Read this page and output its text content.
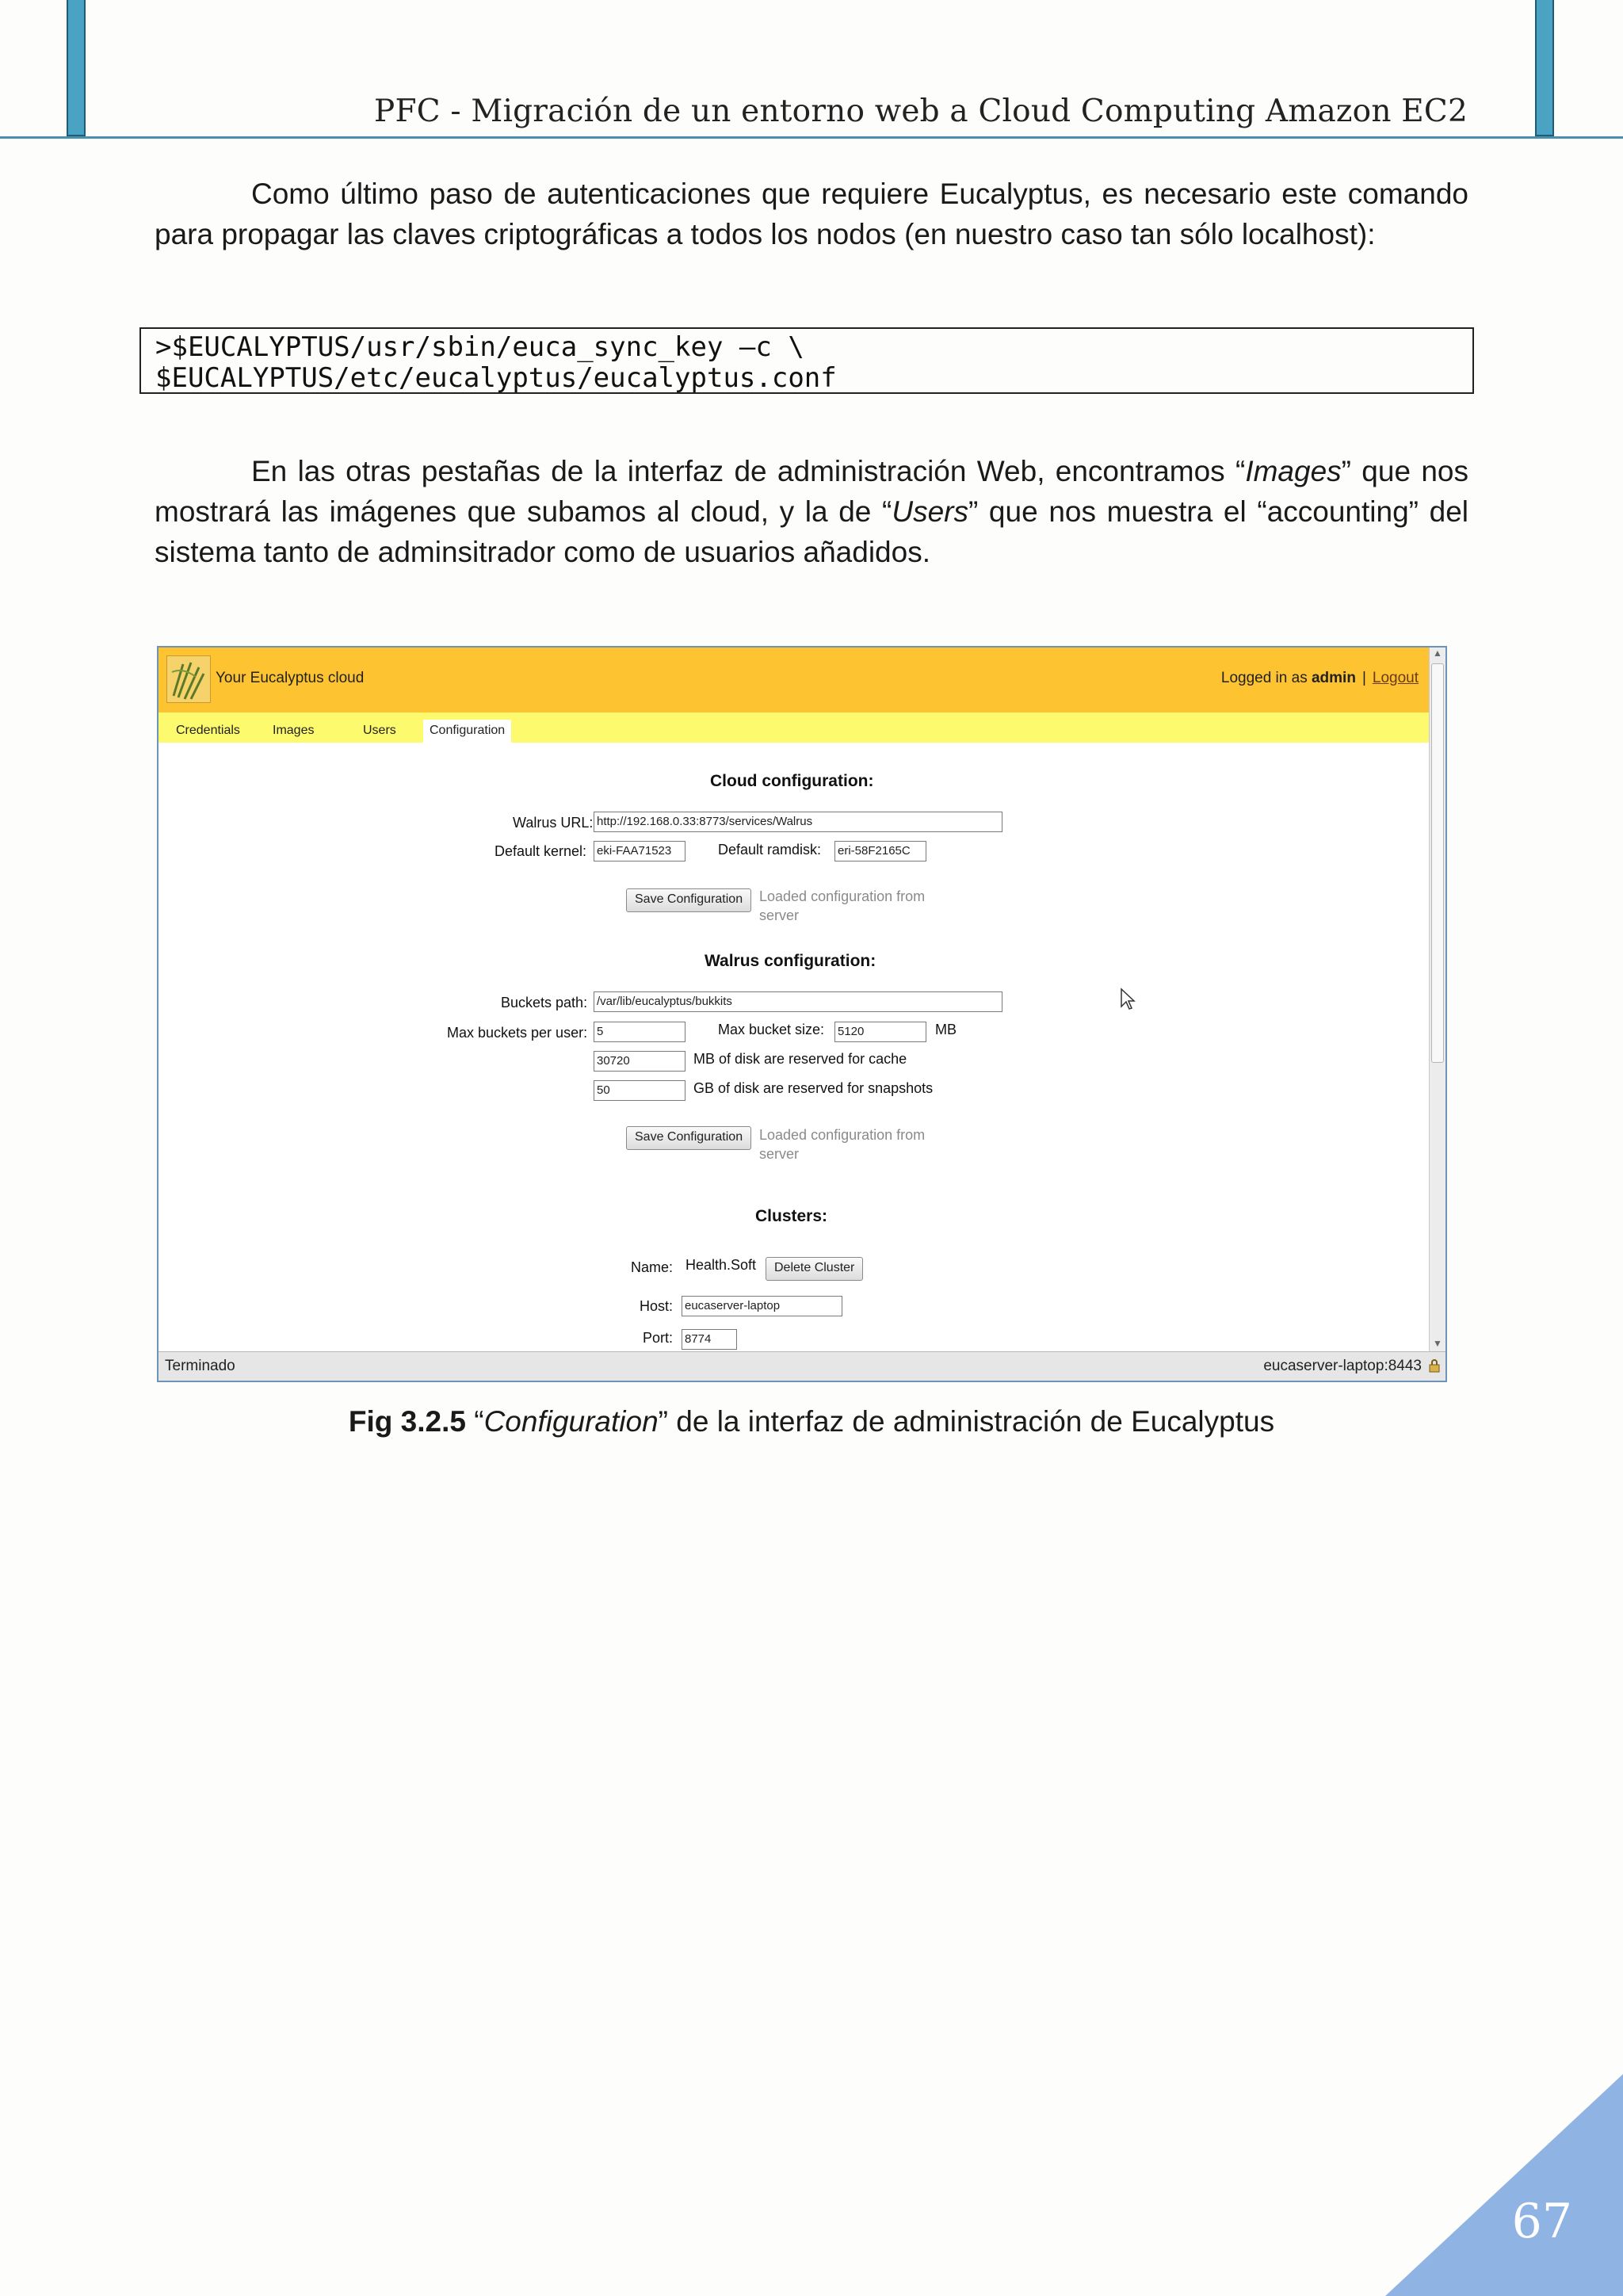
PFC - Migración de un entorno web a Cloud Computing Amazon EC2
Como último paso de autenticaciones que requiere Eucalyptus, es necesario este comando para propagar las claves criptográficas a todos los nodos (en nuestro caso tan sólo localhost):
>$EUCALYPTUS/usr/sbin/euca_sync_key –c \
$EUCALYPTUS/etc/eucalyptus/eucalyptus.conf
En las otras pestañas de la interfaz de administración Web, encontramos “Images” que nos mostrará las imágenes que subamos al cloud, y la de “Users” que nos muestra el “accounting” del sistema tanto de adminsitrador como de usuarios añadidos.
Your Eucalyptus cloud	Logged in as admin | Logout
Credentials	Images	Users	Configuration
Cloud configuration:
Walrus URL: http://192.168.0.33:8773/services/Walrus
Default kernel: eki-FAA71523	Default ramdisk: eri-58F2165C
Save Configuration	Loaded configuration from server
Walrus configuration:
Buckets path: /var/lib/eucalyptus/bukkits
Max buckets per user: 5	Max bucket size: 5120	MB
30720	MB of disk are reserved for cache
50	GB of disk are reserved for snapshots
Save Configuration	Loaded configuration from server
Clusters:
Name: Health.Soft	Delete Cluster
Host: eucaserver-laptop
Port: 8774
▲
▼
Terminado	eucaserver-laptop:8443
Fig 3.2.5 “Configuration” de la interfaz de administración de Eucalyptus
67
